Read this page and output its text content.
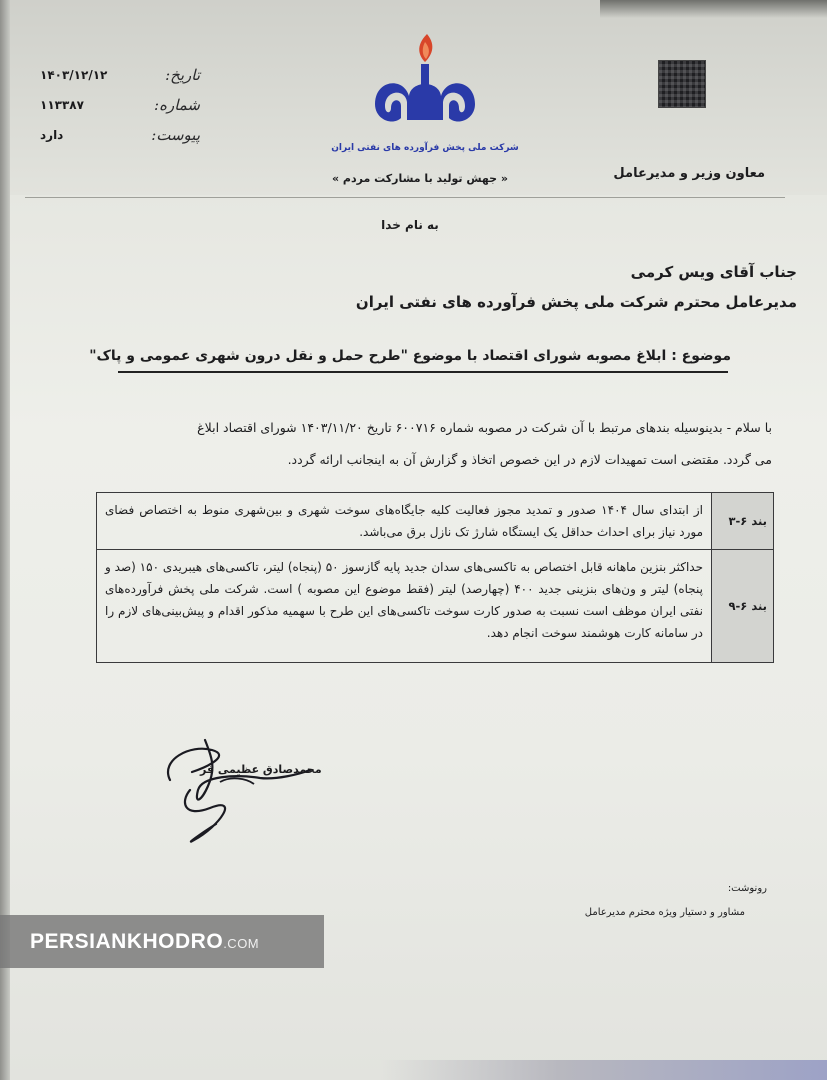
تاریخ:
۱۴۰۳/۱۲/۱۲
شماره:
۱۱۳۳۸۷
پیوست:
دارد
شرکت ملی پخش فرآورده های نفتی ایران
« جهش تولید با مشارکت مردم »	معاون وزیر و مدیرعامل
به نام خدا
جناب آقای ویس کرمی
مدیرعامل محترم شرکت ملی پخش فرآورده های نفتی ایران
موضوع : ابلاغ مصوبه شورای اقتصاد با موضوع "طرح حمل و نقل درون شهری عمومی و پاک"
با سلام - بدینوسیله بندهای مرتبط با آن شرکت در مصوبه شماره ۶۰۰۷۱۶ تاریخ ۱۴۰۳/۱۱/۲۰ شورای اقتصاد ابلاغ
می گردد. مقتضی است تمهیدات لازم در این خصوص اتخاذ و گزارش آن به اینجانب ارائه گردد.
بند ۶-۳
از ابتدای سال ۱۴۰۴ صدور و تمدید مجوز فعالیت کلیه جایگاه‌های سوخت شهری و بین‌شهری منوط به اختصاص فضای مورد نیاز برای احداث حداقل یک ایستگاه شارژ تک نازل برق می‌باشد.
بند ۶-۹
حداکثر بنزین ماهانه قابل اختصاص به تاکسی‌های سدان جدید پایه گازسوز ۵۰ (پنجاه) لیتر، تاکسی‌های هیبریدی ۱۵۰ (صد و پنجاه) لیتر و ون‌های بنزینی جدید ۴۰۰ (چهارصد) لیتر (فقط موضوع این مصوبه ) است. شرکت ملی پخش فرآورده‌های نفتی ایران موظف است نسبت به صدور کارت سوخت تاکسی‌های این طرح با سهمیه مذکور اقدام و پیش‌بینی‌های لازم را در سامانه کارت هوشمند سوخت انجام دهد.
محمدصادق عظیمی فر
رونوشت:
مشاور و دستیار ویژه محترم مدیرعامل
PERSIANKHODRO.COM
